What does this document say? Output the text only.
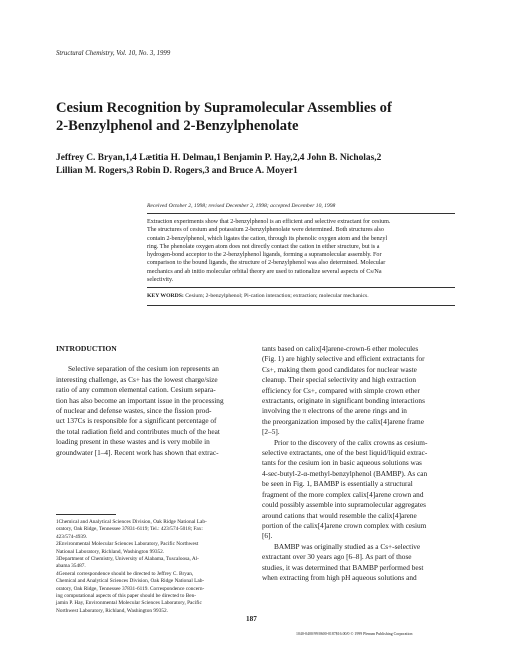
Structural Chemistry, Vol. 10, No. 3, 1999
Cesium Recognition by Supramolecular Assemblies of
2-Benzylphenol and 2-Benzylphenolate
Jeffrey C. Bryan,1,4 Lætitia H. Delmau,1 Benjamin P. Hay,2,4 John B. Nicholas,2
Lillian M. Rogers,3 Robin D. Rogers,3 and Bruce A. Moyer1
Received October 2, 1998; revised December 2, 1998; accepted December 10, 1998
Extraction experiments show that 2-benzylphenol is an efficient and selective extractant for cesium.
The structures of cesium and potassium 2-benzylphenolate were determined. Both structures also
contain 2-benzylphenol, which ligates the cation, through its phenolic oxygen atom and the benzyl
ring. The phenolate oxygen atom does not directly contact the cation in either structure, but is a
hydrogen-bond acceptor to the 2-benzylphenol ligands, forming a supramolecular assembly. For
comparison to the bound ligands, the structure of 2-benzylphenol was also determined. Molecular
mechanics and ab initio molecular orbital theory are used to rationalize several aspects of Cs/Na
selectivity.
KEY WORDS: Cesium; 2-benzylphenol; Pi-cation interaction; extraction; molecular mechanics.
INTRODUCTION
Selective separation of the cesium ion represents an
interesting challenge, as Cs+ has the lowest charge/size
ratio of any common elemental cation. Cesium separa-
tion has also become an important issue in the processing
of nuclear and defense wastes, since the fission prod-
uct 137Cs is responsible for a significant percentage of
the total radiation field and contributes much of the heat
loading present in these wastes and is very mobile in
groundwater [1–4]. Recent work has shown that extrac-
1Chemical and Analytical Sciences Division, Oak Ridge National Lab-
oratory, Oak Ridge, Tennessee 37831-6119; Tel.: 423/574-5018; Fax:
423/574-4939.
2Environmental Molecular Sciences Laboratory, Pacific Northwest
National Laboratory, Richland, Washington 99352.
3Department of Chemistry, University of Alabama, Tuscaloosa, Al-
abama 35487.
4General correspondence should be directed to Jeffrey C. Bryan,
Chemical and Analytical Sciences Division, Oak Ridge National Lab-
oratory, Oak Ridge, Tennessee 37831-6119. Correspondence concern-
ing computational aspects of this paper should be directed to Ben-
jamin P. Hay, Environmental Molecular Sciences Laboratory, Pacific
Northwest Laboratory, Richland, Washington 99352.
tants based on calix[4]arene-crown-6 ether molecules
(Fig. 1) are highly selective and efficient extractants for
Cs+, making them good candidates for nuclear waste
cleanup. Their special selectivity and high extraction
efficiency for Cs+, compared with simple crown ether
extractants, originate in significant bonding interactions
involving the π electrons of the arene rings and in
the preorganization imposed by the calix[4]arene frame
[2–5].
Prior to the discovery of the calix crowns as cesium-
selective extractants, one of the best liquid/liquid extrac-
tants for the cesium ion in basic aqueous solutions was
4-sec-butyl-2-α-methyl-benzylphenol (BAMBP). As can
be seen in Fig. 1, BAMBP is essentially a structural
fragment of the more complex calix[4]arene crown and
could possibly assemble into supramolecular aggregates
around cations that would resemble the calix[4]arene
portion of the calix[4]arene crown complex with cesium
[6].
BAMBP was originally studied as a Cs+-selective
extractant over 30 years ago [6–8]. As part of those
studies, it was determined that BAMBP performed best
when extracting from high pH aqueous solutions and
187
1040-0400/99/0600-0187$16.00/0 © 1999 Plenum Publishing Corporation
